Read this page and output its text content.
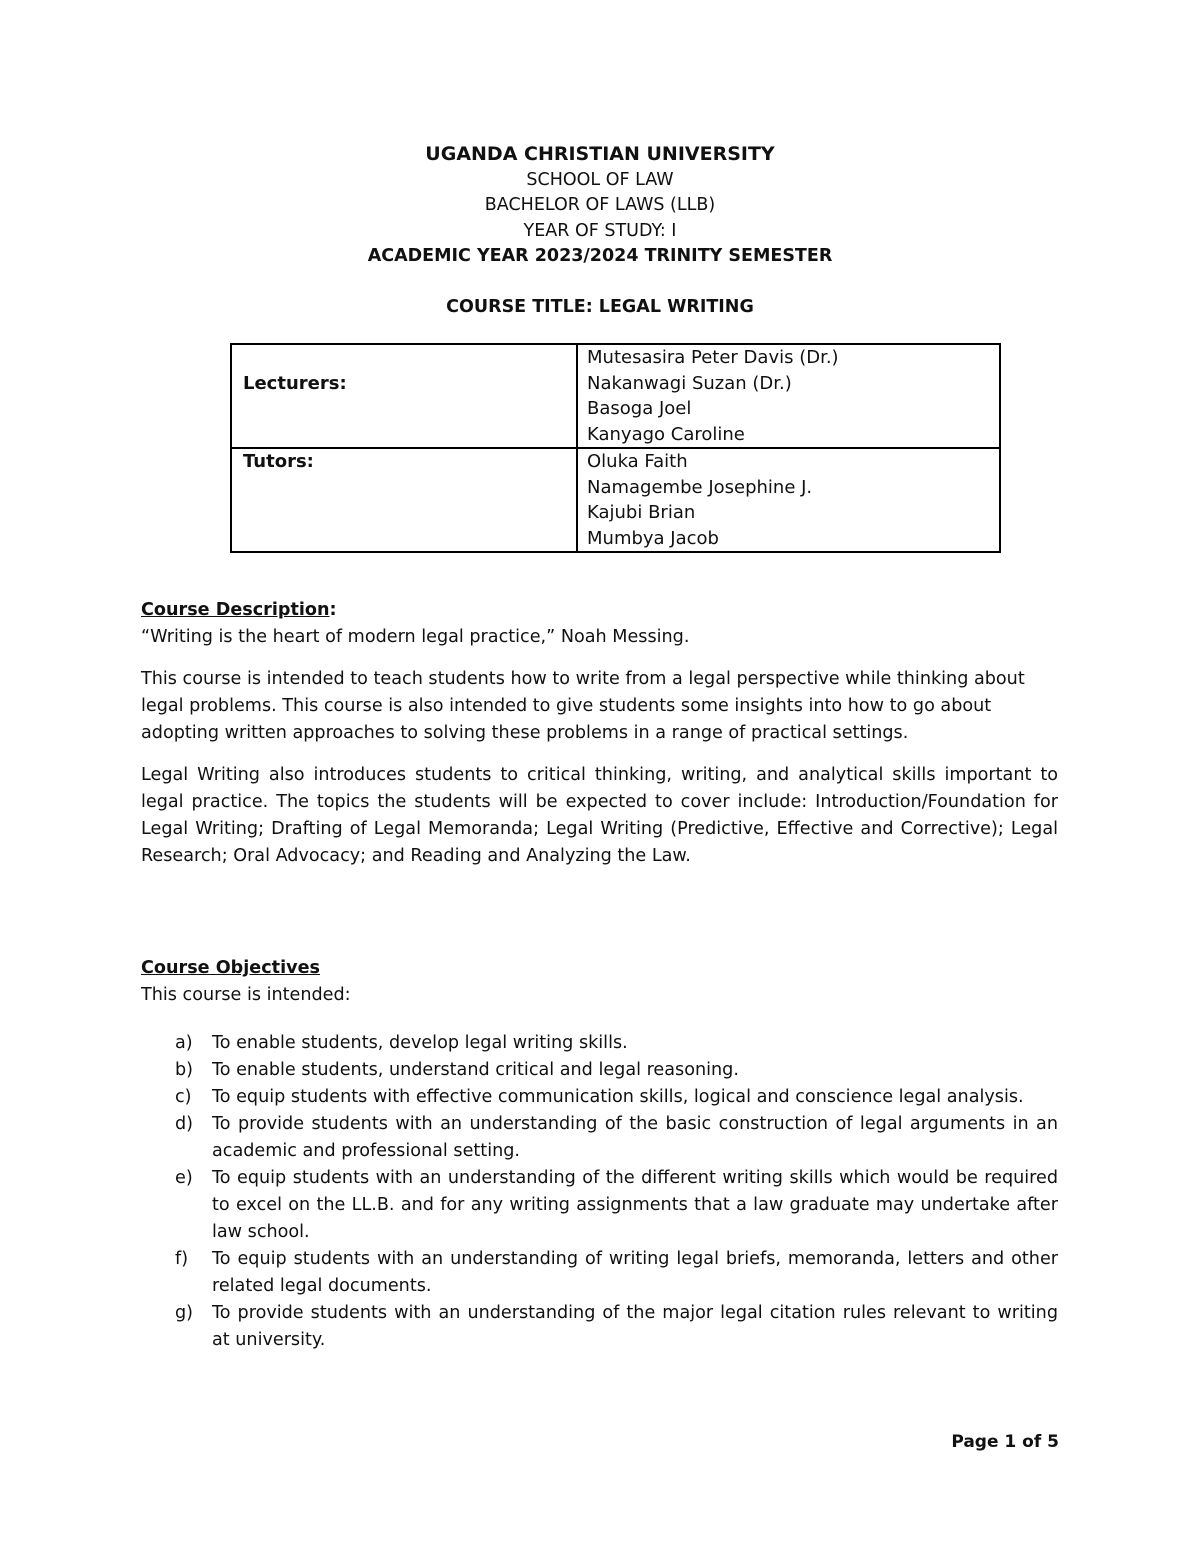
UGANDA CHRISTIAN UNIVERSITY
SCHOOL OF LAW
BACHELOR OF LAWS (LLB)
YEAR OF STUDY: I
ACADEMIC YEAR 2023/2024 TRINITY SEMESTER
COURSE TITLE: LEGAL WRITING
Lecturers:	Mutesasira Peter Davis (Dr.)
Nakanwagi Suzan (Dr.)
Basoga Joel
Kanyago Caroline

Tutors:	Oluka Faith
Namagembe Josephine J.
Kajubi Brian
Mumbya Jacob
Course Description:

“Writing is the heart of modern legal practice,” Noah Messing.

This course is intended to teach students how to write from a legal perspective while thinking about legal problems. This course is also intended to give students some insights into how to go about adopting written approaches to solving these problems in a range of practical settings.

Legal Writing also introduces students to critical thinking, writing, and analytical skills important to legal practice. The topics the students will be expected to cover include: Introduction/Foundation for Legal Writing; Drafting of Legal Memoranda; Legal Writing (Predictive, Effective and Corrective); Legal Research; Oral Advocacy; and Reading and Analyzing the Law.

Course Objectives
This course is intended:
a) To enable students, develop legal writing skills.
b) To enable students, understand critical and legal reasoning.
c) To equip students with effective communication skills, logical and conscience legal analysis.
d) To provide students with an understanding of the basic construction of legal arguments in an academic and professional setting.
e) To equip students with an understanding of the different writing skills which would be required to excel on the LL.B. and for any writing assignments that a law graduate may undertake after law school.
f) To equip students with an understanding of writing legal briefs, memoranda, letters and other related legal documents.
g) To provide students with an understanding of the major legal citation rules relevant to writing at university.
Page 1 of 5
